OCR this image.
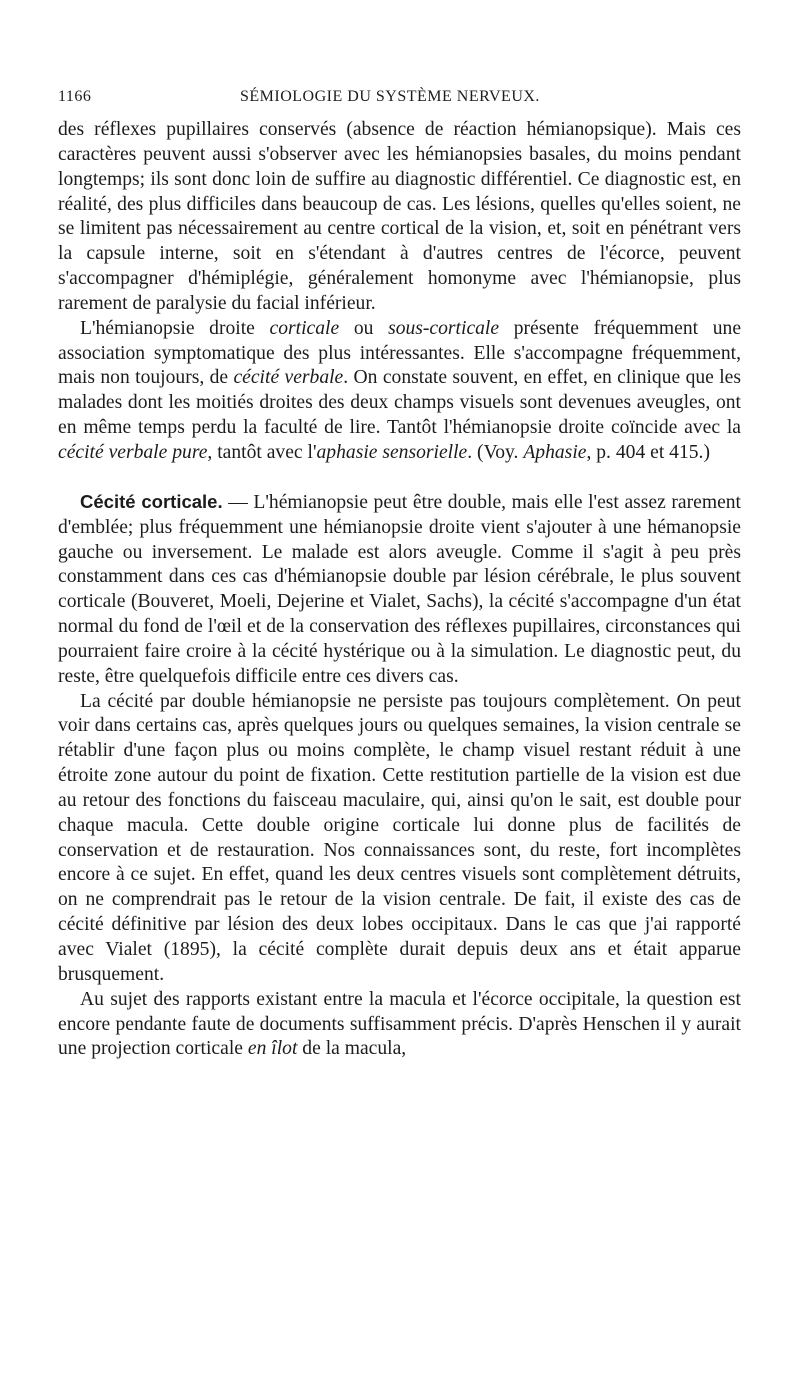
1166	SÉMIOLOGIE DU SYSTÈME NERVEUX.

des réflexes pupillaires conservés (absence de réaction hémianopsique). Mais ces caractères peuvent aussi s'observer avec les hémianopsies basales, du moins pendant longtemps; ils sont donc loin de suffire au diagnostic différentiel. Ce diagnostic est, en réalité, des plus difficiles dans beaucoup de cas. Les lésions, quelles qu'elles soient, ne se limitent pas nécessairement au centre cortical de la vision, et, soit en pénétrant vers la capsule interne, soit en s'étendant à d'autres centres de l'écorce, peuvent s'accompagner d'hémiplégie, généralement homonyme avec l'hémianopsie, plus rarement de paralysie du facial inférieur.

L'hémianopsie droite corticale ou sous-corticale présente fréquemment une association symptomatique des plus intéressantes. Elle s'accompagne fréquemment, mais non toujours, de cécité verbale. On constate souvent, en effet, en clinique que les malades dont les moitiés droites des deux champs visuels sont devenues aveugles, ont en même temps perdu la faculté de lire. Tantôt l'hémianopsie droite coïncide avec la cécité verbale pure, tantôt avec l'aphasie sensorielle. (Voy. Aphasie, p. 404 et 415.)

Cécité corticale. — L'hémianopsie peut être double, mais elle l'est assez rarement d'emblée; plus fréquemment une hémianopsie droite vient s'ajouter à une hémanopsie gauche ou inversement. Le malade est alors aveugle. Comme il s'agit à peu près constamment dans ces cas d'hémianopsie double par lésion cérébrale, le plus souvent corticale (Bouveret, Moeli, Dejerine et Vialet, Sachs), la cécité s'accompagne d'un état normal du fond de l'œil et de la conservation des réflexes pupillaires, circonstances qui pourraient faire croire à la cécité hystérique ou à la simulation. Le diagnostic peut, du reste, être quelquefois difficile entre ces divers cas.

La cécité par double hémianopsie ne persiste pas toujours complètement. On peut voir dans certains cas, après quelques jours ou quelques semaines, la vision centrale se rétablir d'une façon plus ou moins complète, le champ visuel restant réduit à une étroite zone autour du point de fixation. Cette restitution partielle de la vision est due au retour des fonctions du faisceau maculaire, qui, ainsi qu'on le sait, est double pour chaque macula. Cette double origine corticale lui donne plus de facilités de conservation et de restauration. Nos connaissances sont, du reste, fort incomplètes encore à ce sujet. En effet, quand les deux centres visuels sont complètement détruits, on ne comprendrait pas le retour de la vision centrale. De fait, il existe des cas de cécité définitive par lésion des deux lobes occipitaux. Dans le cas que j'ai rapporté avec Vialet (1895), la cécité complète durait depuis deux ans et était apparue brusquement.

Au sujet des rapports existant entre la macula et l'écorce occipitale, la question est encore pendante faute de documents suffisamment précis. D'après Henschen il y aurait une projection corticale en îlot de la macula,
